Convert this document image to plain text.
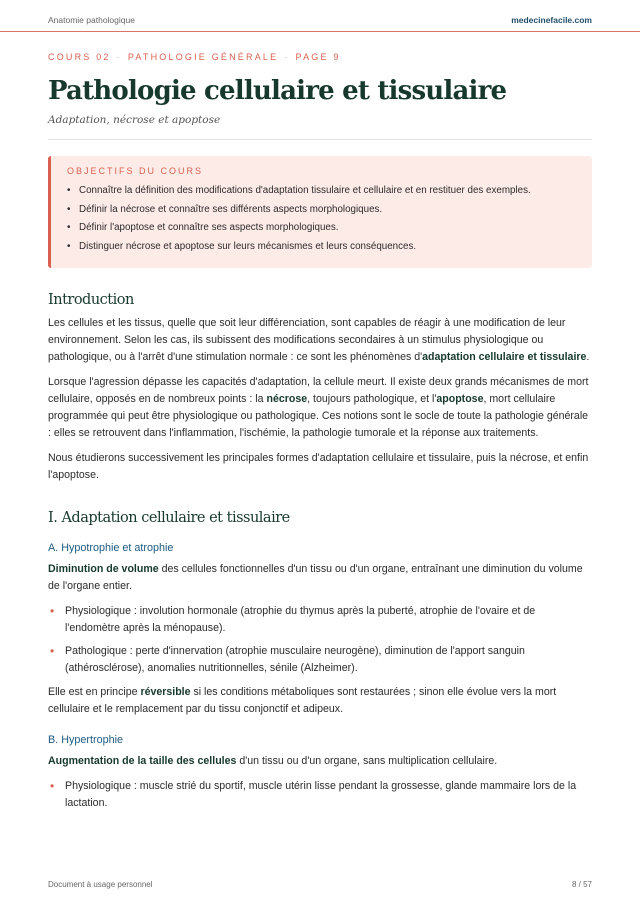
Anatomie pathologique	medecinefacile.com
COURS 02 · PATHOLOGIE GÉNÉRALE · PAGE 9
Pathologie cellulaire et tissulaire
Adaptation, nécrose et apoptose
OBJECTIFS DU COURS
• Connaître la définition des modifications d'adaptation tissulaire et cellulaire et en restituer des exemples.
• Définir la nécrose et connaître ses différents aspects morphologiques.
• Définir l'apoptose et connaître ses aspects morphologiques.
• Distinguer nécrose et apoptose sur leurs mécanismes et leurs conséquences.
Introduction

Les cellules et les tissus, quelle que soit leur différenciation, sont capables de réagir à une modification de leur environnement. Selon les cas, ils subissent des modifications secondaires à un stimulus physiologique ou pathologique, ou à l'arrêt d'une stimulation normale : ce sont les phénomènes d'adaptation cellulaire et tissulaire.

Lorsque l'agression dépasse les capacités d'adaptation, la cellule meurt. Il existe deux grands mécanismes de mort cellulaire, opposés en de nombreux points : la nécrose, toujours pathologique, et l'apoptose, mort cellulaire programmée qui peut être physiologique ou pathologique. Ces notions sont le socle de toute la pathologie générale : elles se retrouvent dans l'inflammation, l'ischémie, la pathologie tumorale et la réponse aux traitements.

Nous étudierons successivement les principales formes d'adaptation cellulaire et tissulaire, puis la nécrose, et enfin l'apoptose.

I. Adaptation cellulaire et tissulaire
A. Hypotrophie et atrophie

Diminution de volume des cellules fonctionnelles d'un tissu ou d'un organe, entraînant une diminution du volume de l'organe entier.

• Physiologique : involution hormonale (atrophie du thymus après la puberté, atrophie de l'ovaire et de l'endomètre après la ménopause).
• Pathologique : perte d'innervation (atrophie musculaire neurogène), diminution de l'apport sanguin (athérosclérose), anomalies nutritionnelles, sénile (Alzheimer).

Elle est en principe réversible si les conditions métaboliques sont restaurées ; sinon elle évolue vers la mort cellulaire et le remplacement par du tissu conjonctif et adipeux.

B. Hypertrophie

Augmentation de la taille des cellules d'un tissu ou d'un organe, sans multiplication cellulaire.

• Physiologique : muscle strié du sportif, muscle utérin lisse pendant la grossesse, glande mammaire lors de la lactation.
Document à usage personnel	8 / 57
